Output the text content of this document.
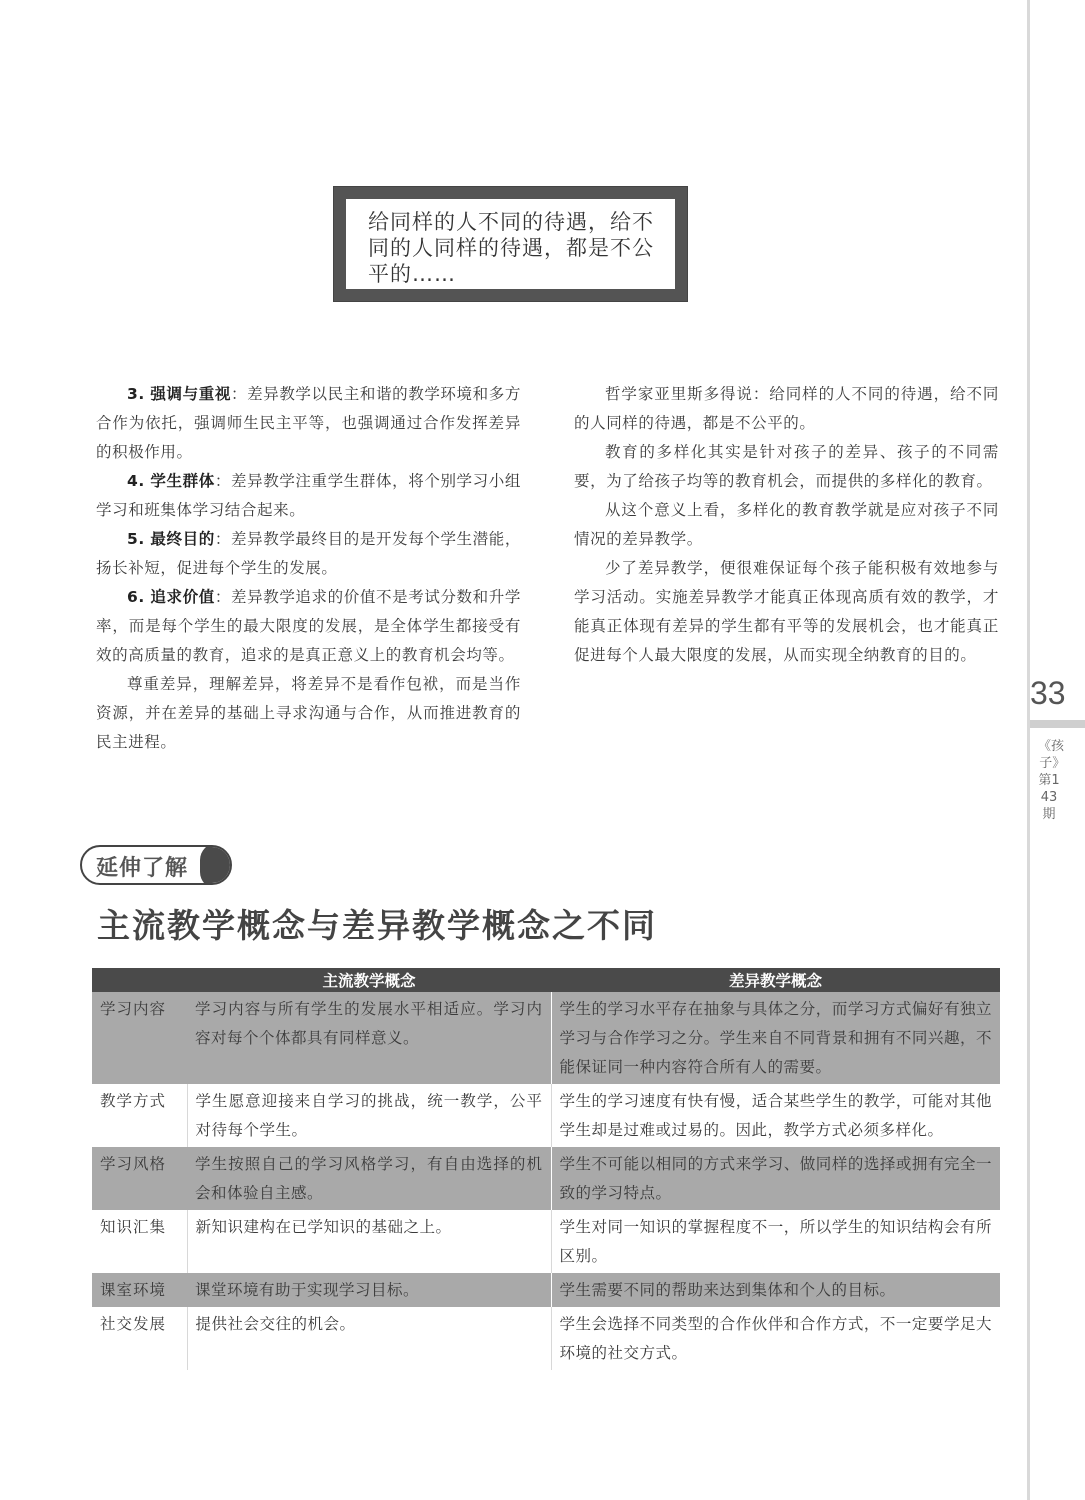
33
《孩子》第143期
给同样的人不同的待遇，给不同的人同样的待遇，都是不公平的……

3. 强调与重视：差异教学以民主和谐的教学环境和多方合作为依托，强调师生民主平等，也强调通过合作发挥差异的积极作用。

4. 学生群体：差异教学注重学生群体，将个别学习小组学习和班集体学习结合起来。

5. 最终目的：差异教学最终目的是开发每个学生潜能，扬长补短，促进每个学生的发展。

6. 追求价值：差异教学追求的价值不是考试分数和升学率，而是每个学生的最大限度的发展，是全体学生都接受有效的高质量的教育，追求的是真正意义上的教育机会均等。

尊重差异，理解差异，将差异不是看作包袱，而是当作资源，并在差异的基础上寻求沟通与合作，从而推进教育的民主进程。

哲学家亚里斯多得说：给同样的人不同的待遇，给不同的人同样的待遇，都是不公平的。

教育的多样化其实是针对孩子的差异、孩子的不同需要，为了给孩子均等的教育机会，而提供的多样化的教育。

从这个意义上看，多样化的教育教学就是应对孩子不同情况的差异教学。

少了差异教学，便很难保证每个孩子能积极有效地参与学习活动。实施差异教学才能真正体现高质有效的教学，才能真正体现有差异的学生都有平等的发展机会，也才能真正促进每个人最大限度的发展，从而实现全纳教育的目的。

延伸了解
主流教学概念与差异教学概念之不同
	主流教学概念	差异教学概念
学习内容	学习内容与所有学生的发展水平相适应。学习内容对每个个体都具有同样意义。	学生的学习水平存在抽象与具体之分，而学习方式偏好有独立学习与合作学习之分。学生来自不同背景和拥有不同兴趣，不能保证同一种内容符合所有人的需要。
教学方式	学生愿意迎接来自学习的挑战，统一教学，公平对待每个学生。	学生的学习速度有快有慢，适合某些学生的教学，可能对其他学生却是过难或过易的。因此，教学方式必须多样化。
学习风格	学生按照自己的学习风格学习，有自由选择的机会和体验自主感。	学生不可能以相同的方式来学习、做同样的选择或拥有完全一致的学习特点。
知识汇集	新知识建构在已学知识的基础之上。	学生对同一知识的掌握程度不一，所以学生的知识结构会有所区别。
课室环境	课堂环境有助于实现学习目标。	学生需要不同的帮助来达到集体和个人的目标。
社交发展	提供社会交往的机会。	学生会选择不同类型的合作伙伴和合作方式，不一定要学足大环境的社交方式。
